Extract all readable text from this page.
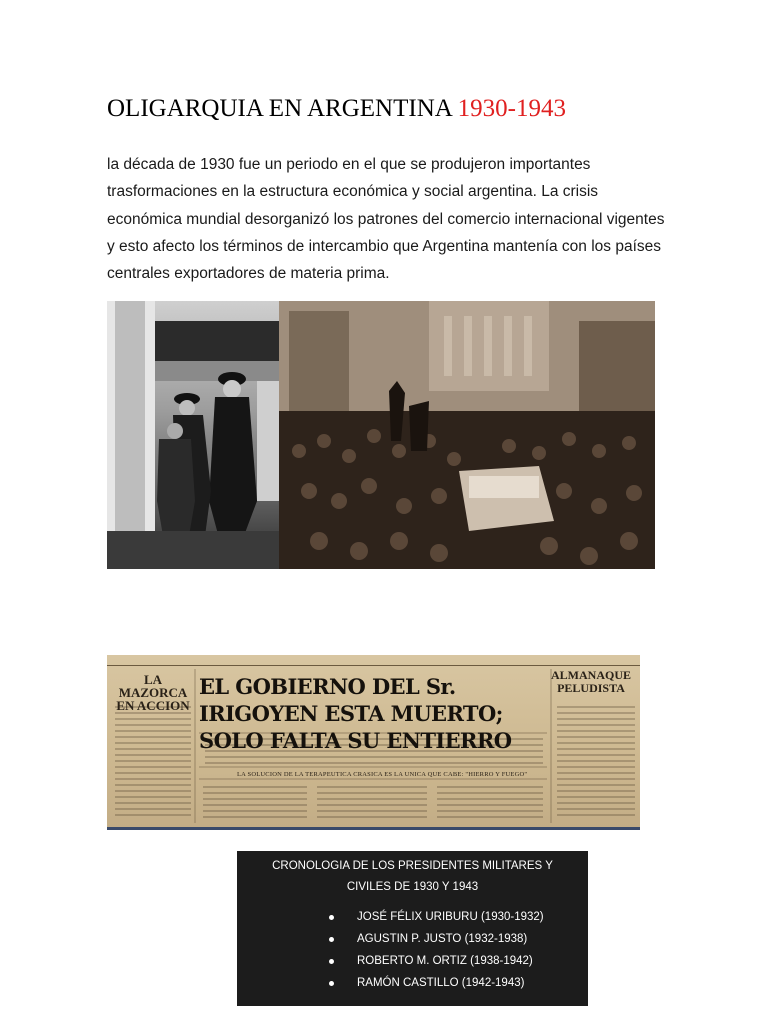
OLIGARQUIA EN ARGENTINA 1930-1943

la década de 1930 fue un periodo en el que se produjeron importantes trasformaciones en la estructura económica y social argentina. La crisis económica mundial desorganizó los patrones del comercio internacional vigentes y esto afecto los términos de intercambio que Argentina mantenía con los países centrales exportadores de materia prima.

LA MAZORCA EN ACCION
EL GOBIERNO DEL Sr. IRIGOYEN ESTA MUERTO; SOLO FALTA SU ENTIERRO
ALMANAQUE PELUDISTA
LA SOLUCION DE LA TERAPEUTICA CRASICA ES LA UNICA QUE CABE: "HIERRO Y FUEGO"
CRONOLOGIA DE LOS PRESIDENTES MILITARES Y CIVILES DE 1930 Y 1943
JOSÉ FÉLIX URIBURU (1930-1932)
AGUSTIN P. JUSTO (1932-1938)
ROBERTO M. ORTIZ (1938-1942)
RAMÓN CASTILLO (1942-1943)
